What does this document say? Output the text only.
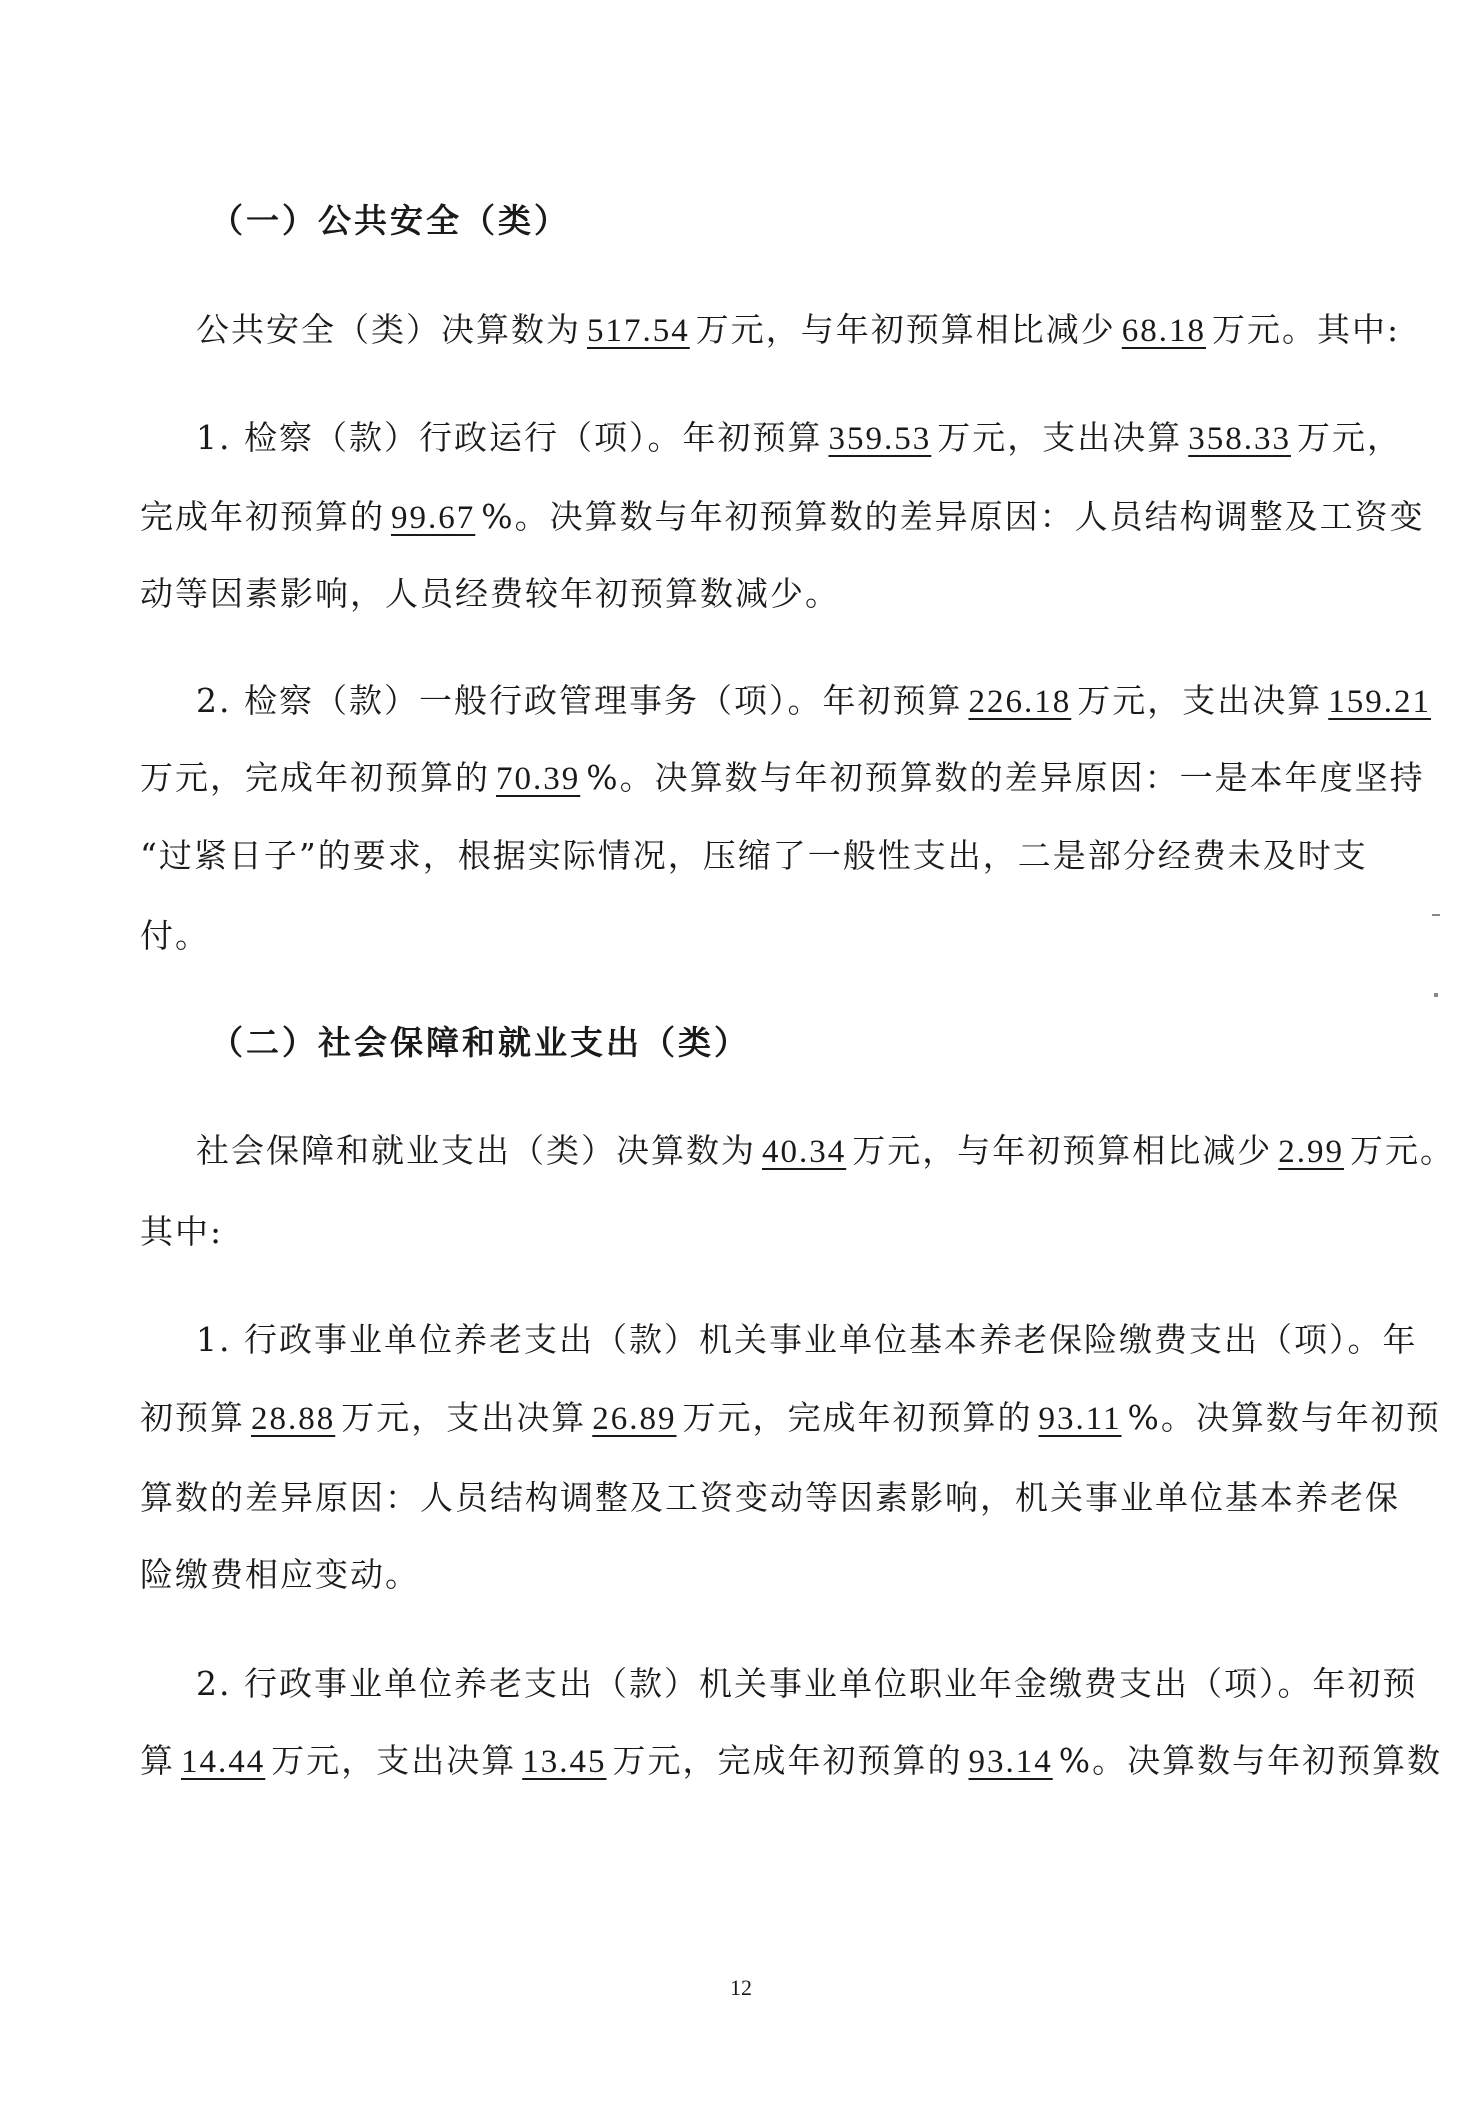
（一）公共安全（类）
公共安全（类）决算数为 517.54 万元，与年初预算相比减少 68.18 万元。其中:
1. 检察（款）行政运行（项）。年初预算 359.53 万元，支出决算 358.33 万元，
完成年初预算的 99.67 %。决算数与年初预算数的差异原因：人员结构调整及工资变
动等因素影响，人员经费较年初预算数减少。
2. 检察（款）一般行政管理事务（项）。年初预算 226.18 万元，支出决算 159.21
万元，完成年初预算的 70.39 %。决算数与年初预算数的差异原因：一是本年度坚持
“过紧日子”的要求，根据实际情况，压缩了一般性支出，二是部分经费未及时支
付。
（二）社会保障和就业支出（类）
社会保障和就业支出（类）决算数为 40.34 万元，与年初预算相比减少 2.99 万元。
其中:
1. 行政事业单位养老支出（款）机关事业单位基本养老保险缴费支出（项）。年
初预算 28.88 万元，支出决算 26.89 万元，完成年初预算的 93.11 %。决算数与年初预
算数的差异原因：人员结构调整及工资变动等因素影响，机关事业单位基本养老保
险缴费相应变动。
2. 行政事业单位养老支出（款）机关事业单位职业年金缴费支出（项）。年初预
算 14.44 万元，支出决算 13.45 万元，完成年初预算的 93.14 %。决算数与年初预算数
12
